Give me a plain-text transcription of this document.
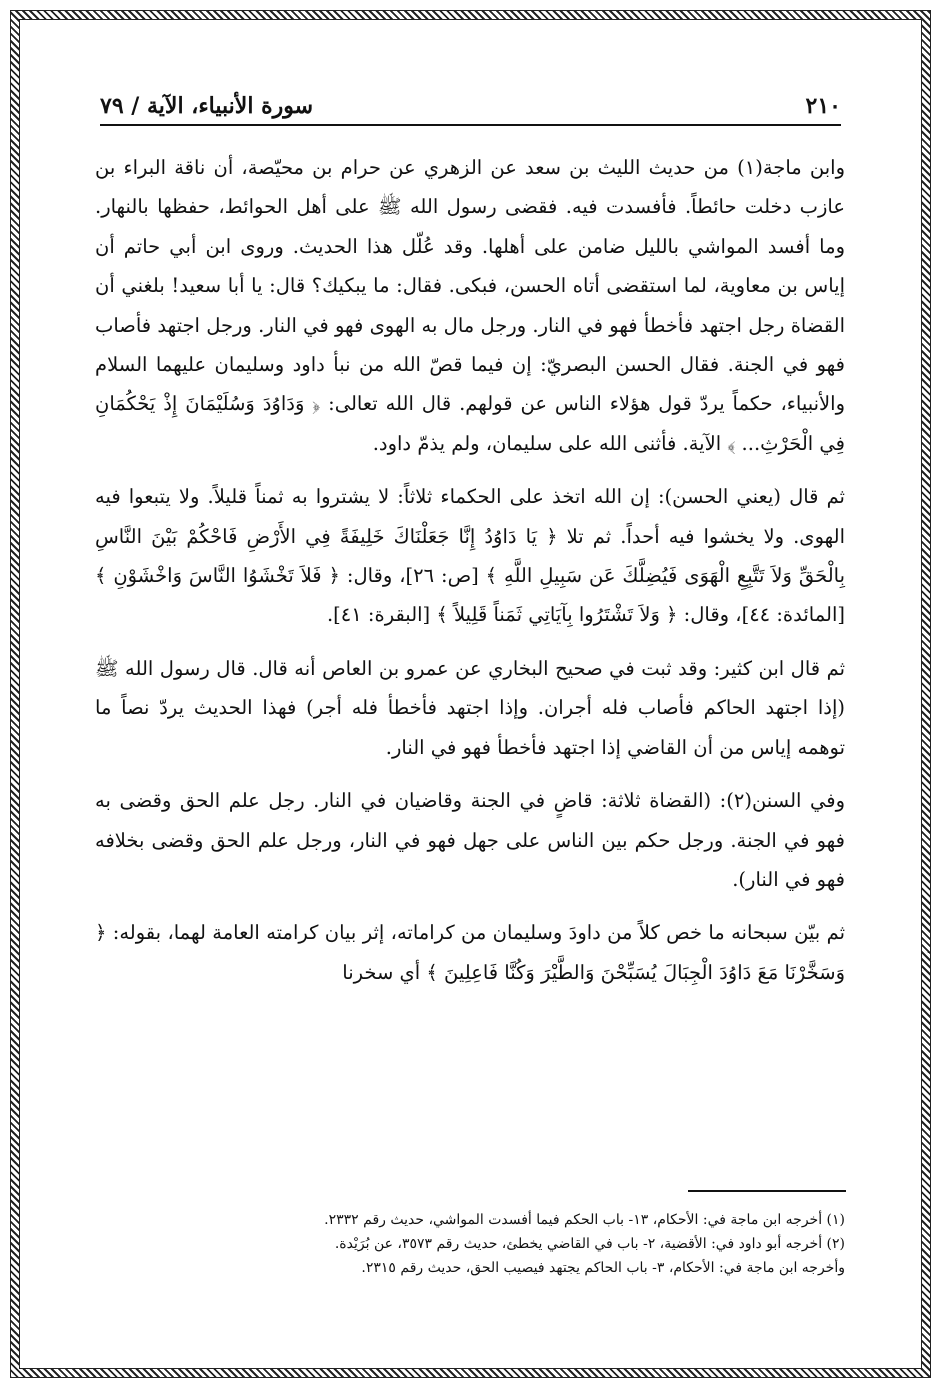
٢١٠
سورة الأنبياء، الآية / ٧٩

وابن ماجة(١) من حديث الليث بن سعد عن الزهري عن حرام بن محيّصة، أن ناقة البراء بن عازب دخلت حائطاً. فأفسدت فيه. فقضى رسول الله ﷺ على أهل الحوائط، حفظها بالنهار. وما أفسد المواشي بالليل ضامن على أهلها. وقد عُلّل هذا الحديث. وروى ابن أبي حاتم أن إياس بن معاوية، لما استقضى أتاه الحسن، فبكى. فقال: ما يبكيك؟ قال: يا أبا سعيد! بلغني أن القضاة رجل اجتهد فأخطأ فهو في النار. ورجل مال به الهوى فهو في النار. ورجل اجتهد فأصاب فهو في الجنة. فقال الحسن البصريّ: إن فيما قصّ الله من نبأ داود وسليمان عليهما السلام والأنبياء، حكماً يردّ قول هؤلاء الناس عن قولهم. قال الله تعالى: ﴿ وَدَاوُدَ وَسُلَيْمَانَ إِذْ يَحْكُمَانِ فِي الْحَرْثِ... ﴾ الآية. فأثنى الله على سليمان، ولم يذمّ داود.

ثم قال (يعني الحسن): إن الله اتخذ على الحكماء ثلاثاً: لا يشتروا به ثمناً قليلاً. ولا يتبعوا فيه الهوى. ولا يخشوا فيه أحداً. ثم تلا ﴿ يَا دَاوُدُ إِنَّا جَعَلْنَاكَ خَلِيفَةً فِي الأَرْضِ فَاحْكُمْ بَيْنَ النَّاسِ بِالْحَقِّ وَلاَ تَتَّبِعِ الْهَوَى فَيُضِلَّكَ عَن سَبِيلِ اللَّهِ ﴾ [ص: ٢٦]، وقال: ﴿ فَلاَ تَخْشَوُا النَّاسَ وَاخْشَوْنِ ﴾ [المائدة: ٤٤]، وقال: ﴿ وَلاَ تَشْتَرُوا بِآيَاتِي ثَمَناً قَلِيلاً ﴾ [البقرة: ٤١].

ثم قال ابن كثير: وقد ثبت في صحيح البخاري عن عمرو بن العاص أنه قال. قال رسول الله ﷺ (إذا اجتهد الحاكم فأصاب فله أجران. وإذا اجتهد فأخطأ فله أجر) فهذا الحديث يردّ نصاً ما توهمه إياس من أن القاضي إذا اجتهد فأخطأ فهو في النار.

وفي السنن(٢): (القضاة ثلاثة: قاضٍ في الجنة وقاضيان في النار. رجل علم الحق وقضى به فهو في الجنة. ورجل حكم بين الناس على جهل فهو في النار، ورجل علم الحق وقضى بخلافه فهو في النار).

ثم بيّن سبحانه ما خص كلاً من داودَ وسليمان من كراماته، إثر بيان كرامته العامة لهما، بقوله: ﴿ وَسَخَّرْنَا مَعَ دَاوُدَ الْجِبَالَ يُسَبِّحْنَ وَالطَّيْرَ وَكُنَّا فَاعِلِينَ ﴾ أي سخرنا

(١) أخرجه ابن ماجة في: الأحكام، ١٣- باب الحكم فيما أفسدت المواشي، حديث رقم ٢٣٣٢.

(٢) أخرجه أبو داود في: الأقضية، ٢- باب في القاضي يخطئ، حديث رقم ٣٥٧٣، عن بُرَيْدة.

وأخرجه ابن ماجة في: الأحكام، ٣- باب الحاكم يجتهد فيصيب الحق، حديث رقم ٢٣١٥.
